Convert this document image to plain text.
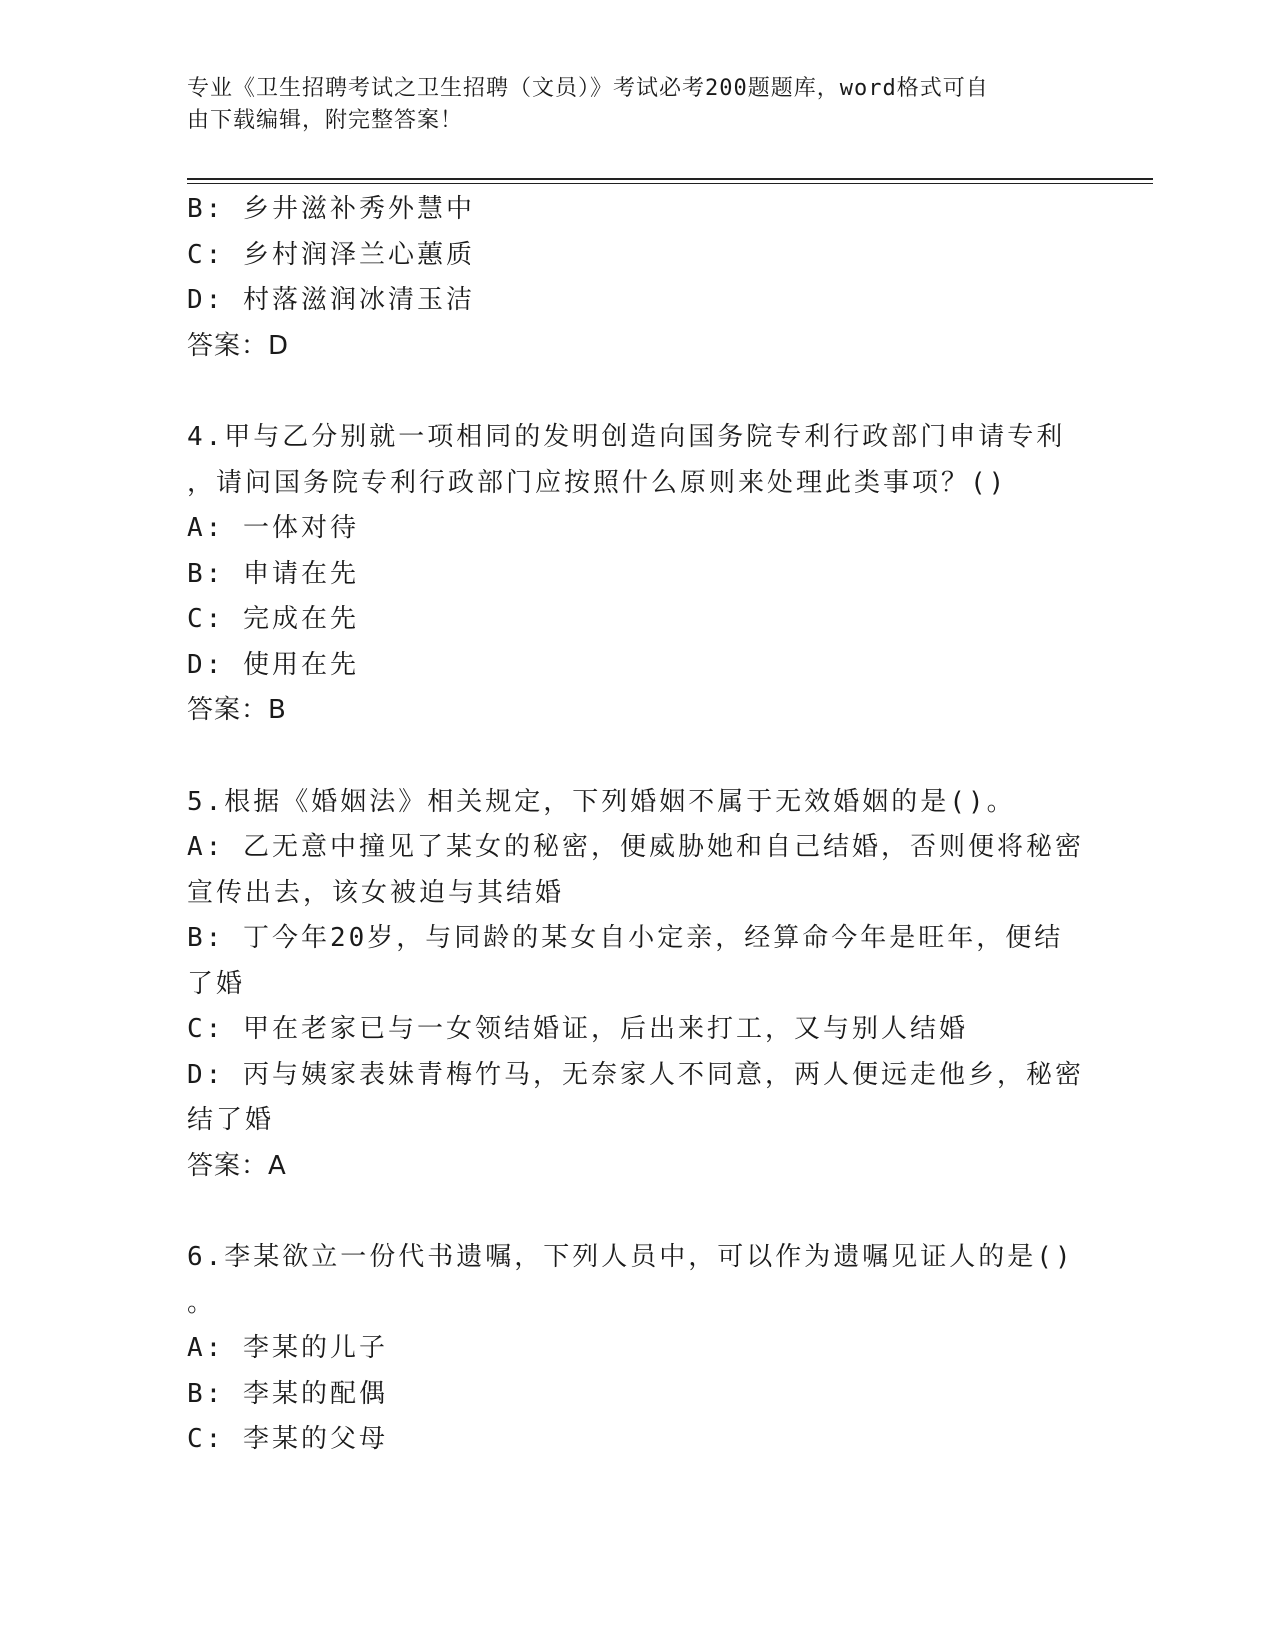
专业《卫生招聘考试之卫生招聘（文员）》考试必考200题题库，word格式可自
由下载编辑，附完整答案！
B: 乡井滋补秀外慧中
C: 乡村润泽兰心蕙质
D: 村落滋润冰清玉洁
答案：D
4.甲与乙分别就一项相同的发明创造向国务院专利行政部门申请专利
，请问国务院专利行政部门应按照什么原则来处理此类事项？()
A: 一体对待
B: 申请在先
C: 完成在先
D: 使用在先
答案：B
5.根据《婚姻法》相关规定，下列婚姻不属于无效婚姻的是()。
A: 乙无意中撞见了某女的秘密，便威胁她和自己结婚，否则便将秘密
宣传出去，该女被迫与其结婚
B: 丁今年20岁，与同龄的某女自小定亲，经算命今年是旺年，便结
了婚
C: 甲在老家已与一女领结婚证，后出来打工，又与别人结婚
D: 丙与姨家表妹青梅竹马，无奈家人不同意，两人便远走他乡，秘密
结了婚
答案：A
6.李某欲立一份代书遗嘱，下列人员中，可以作为遗嘱见证人的是()
。
A: 李某的儿子
B: 李某的配偶
C: 李某的父母
